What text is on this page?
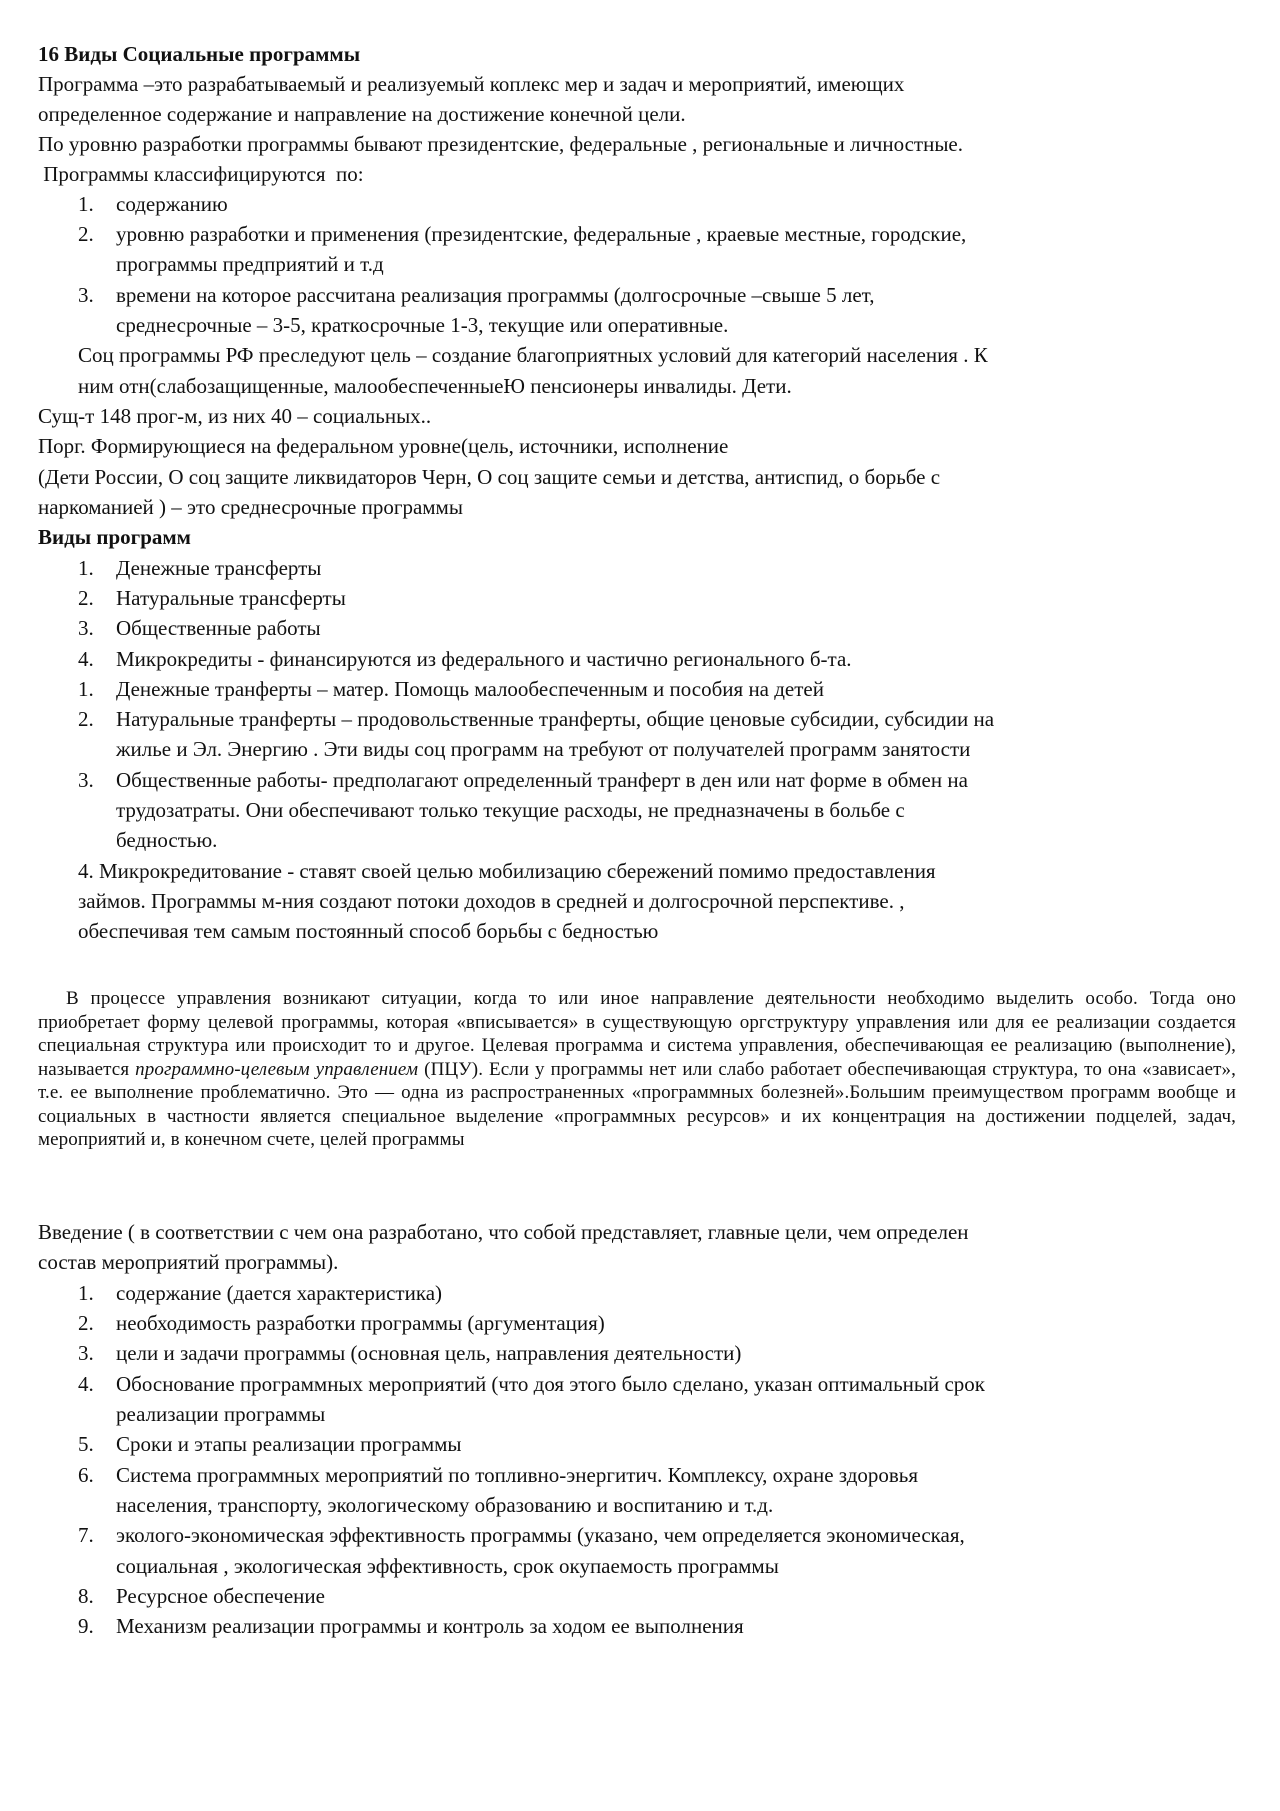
16 Виды Социальные программы
Программа –это разрабатываемый и реализуемый коплекс мер и задач и мероприятий, имеющих
определенное содержание и направление на достижение конечной цели.
По уровню разработки программы бывают президентские, федеральные , региональные и личностные.
Программы классифицируются  по:
1. содержанию
2. уровню разработки и применения (президентские, федеральные , краевые местные, городские,
программы предприятий и т.д
3. времени на которое рассчитана реализация программы (долгосрочные –свыше 5 лет,
среднесрочные – 3-5, краткосрочные 1-3, текущие или оперативные.
Соц программы РФ преследуют цель – создание благоприятных условий для категорий населения . К
ним отн(слабозащищенные, малообеспеченныеЮ пенсионеры инвалиды. Дети.
Сущ-т 148 прог-м, из них 40 – социальных..
Порг. Формирующиеся на федеральном уровне(цель, источники, исполнение
(Дети России, О соц защите ликвидаторов Черн, О соц защите семьи и детства, антиспид, о борьбе с
наркоманией ) – это среднесрочные программы
Виды программ
1. Денежные трансферты
2. Натуральные трансферты
3. Общественные работы
4. Микрокредиты - финансируются из федерального и частично регионального б-та.
1. Денежные транферты – матер. Помощь малообеспеченным и пособия на детей
2. Натуральные транферты – продовольственные транферты, общие ценовые субсидии, субсидии на
жилье и Эл. Энергию . Эти виды соц программ на требуют от получателей программ занятости
3. Общественные работы- предполагают определенный транферт в ден или нат форме в обмен на
трудозатраты. Они обеспечивают только текущие расходы, не предназначены в больбе с
бедностью.
4. Микрокредитование - ставят своей целью мобилизацию сбережений помимо предоставления
займов. Программы м-ния создают потоки доходов в средней и долгосрочной перспективе. ,
обеспечивая тем самым постоянный способ борьбы с бедностью

В процессе управления возникают ситуации, когда то или иное направление деятельности необходимо выделить особо. Тогда оно приобретает форму целевой программы, которая «вписывается» в существующую оргструктуру управления или для ее реализации создается специальная структура или происходит то и другое. Целевая программа и система управления, обеспечивающая ее реализацию (выполнение), называется программно-целевым управлением (ПЦУ). Если у программы нет или слабо работает обеспечивающая структура, то она «зависает», т.е. ее выполнение проблематично. Это — одна из распространенных «программных болезней».Большим преимуществом программ вообще и социальных в частности является специальное выделение «программных ресурсов» и их концентрация на достижении подцелей, задач, мероприятий и, в конечном счете, целей программы

Введение ( в соответствии с чем она разработано, что собой представляет, главные цели, чем определен
состав мероприятий программы).
1. содержание (дается характеристика)
2. необходимость разработки программы (аргументация)
3. цели и задачи программы (основная цель, направления деятельности)
4. Обоснование программных мероприятий (что доя этого было сделано, указан оптимальный срок
реализации программы
5. Сроки и этапы реализации программы
6. Система программных мероприятий по топливно-энергитич. Комплексу, охране здоровья
населения, транспорту, экологическому образованию и воспитанию и т.д.
7. эколого-экономическая эффективность программы (указано, чем определяется экономическая,
социальная , экологическая эффективность, срок окупаемость программы
8. Ресурсное обеспечение
9. Механизм реализации программы и контроль за ходом ее выполнения
